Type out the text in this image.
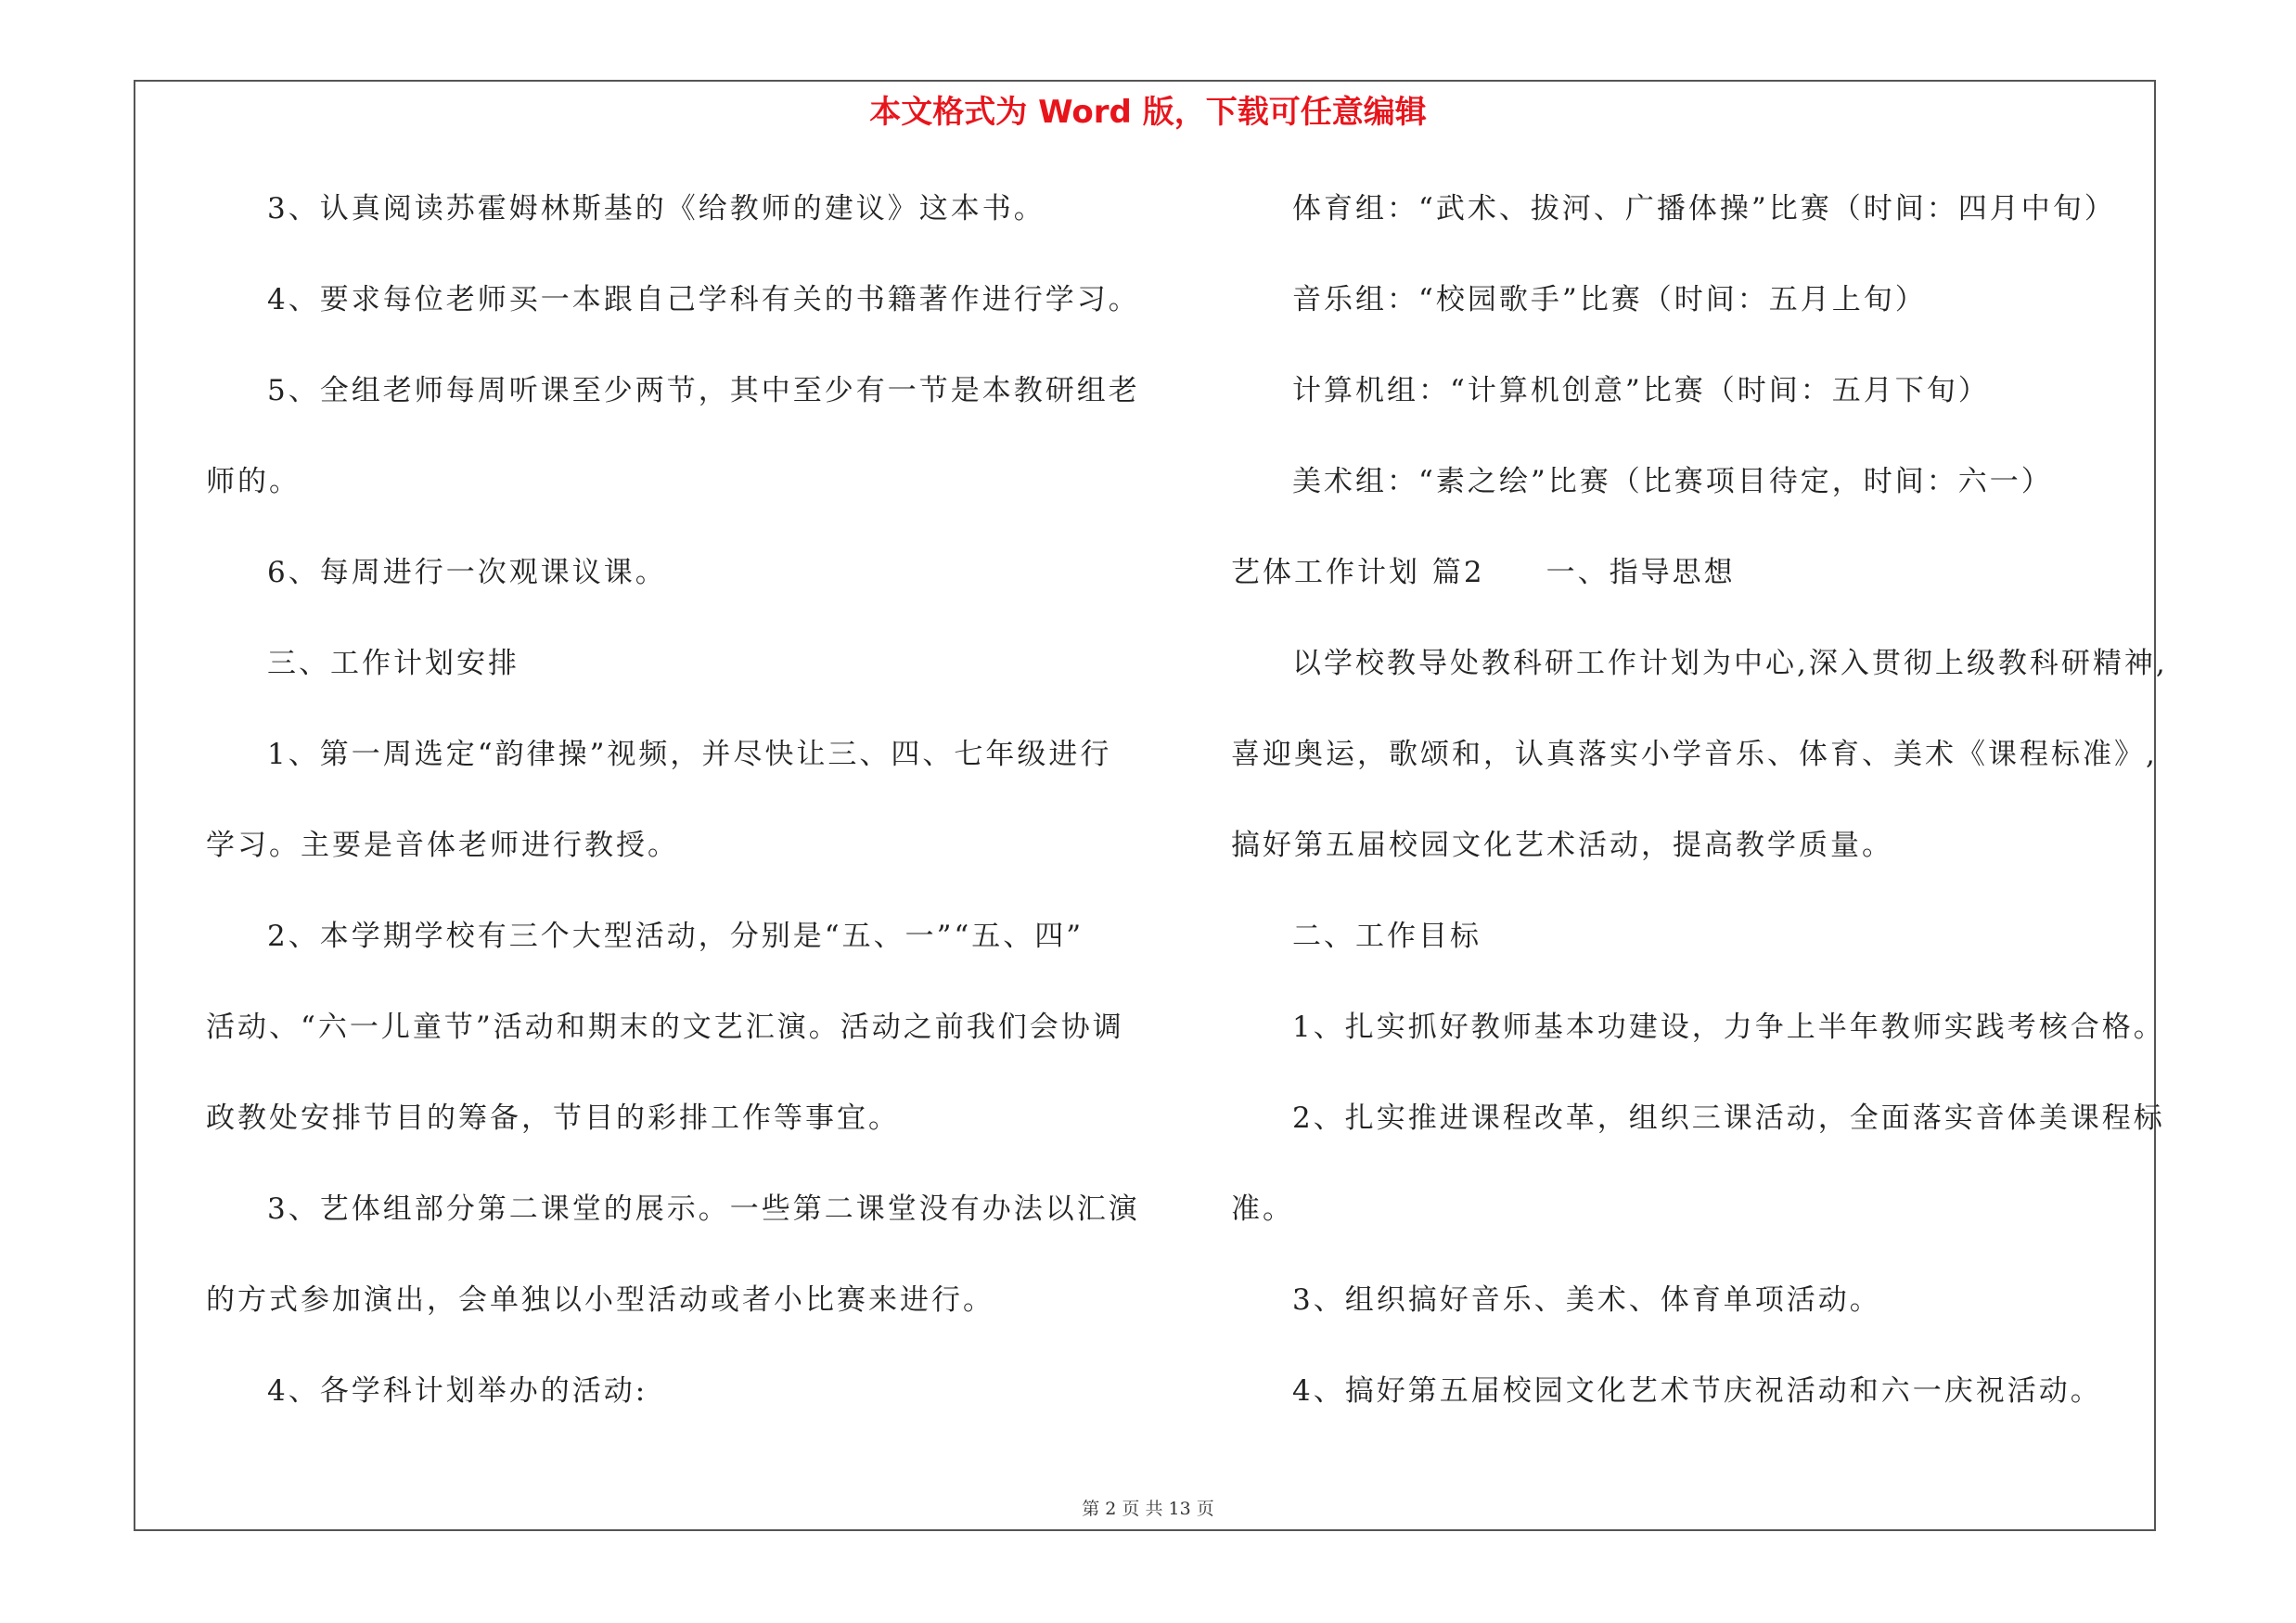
本文格式为 Word 版，下载可任意编辑
3、认真阅读苏霍姆林斯基的《给教师的建议》这本书。
4、要求每位老师买一本跟自己学科有关的书籍著作进行学习。
5、全组老师每周听课至少两节，其中至少有一节是本教研组老
师的。
6、每周进行一次观课议课。
三、工作计划安排
1、第一周选定“韵律操”视频，并尽快让三、四、七年级进行
学习。主要是音体老师进行教授。
2、本学期学校有三个大型活动，分别是“五、一”“五、四”
活动、“六一儿童节”活动和期末的文艺汇演。活动之前我们会协调
政教处安排节目的筹备，节目的彩排工作等事宜。
3、艺体组部分第二课堂的展示。一些第二课堂没有办法以汇演
的方式参加演出，会单独以小型活动或者小比赛来进行。
4、各学科计划举办的活动:
体育组：“武术、拔河、广播体操”比赛（时间：四月中旬）
音乐组：“校园歌手”比赛（时间：五月上旬）
计算机组：“计算机创意”比赛（时间：五月下旬）
美术组：“素之绘”比赛（比赛项目待定，时间：六一）
艺体工作计划 篇2 一、指导思想
以学校教导处教科研工作计划为中心,深入贯彻上级教科研精神,
喜迎奥运，歌颂和，认真落实小学音乐、体育、美术《课程标准》,
搞好第五届校园文化艺术活动，提高教学质量。
二、工作目标
1、扎实抓好教师基本功建设，力争上半年教师实践考核合格。
2、扎实推进课程改革，组织三课活动，全面落实音体美课程标
准。
3、组织搞好音乐、美术、体育单项活动。
4、搞好第五届校园文化艺术节庆祝活动和六一庆祝活动。
第 2 页 共 13 页
